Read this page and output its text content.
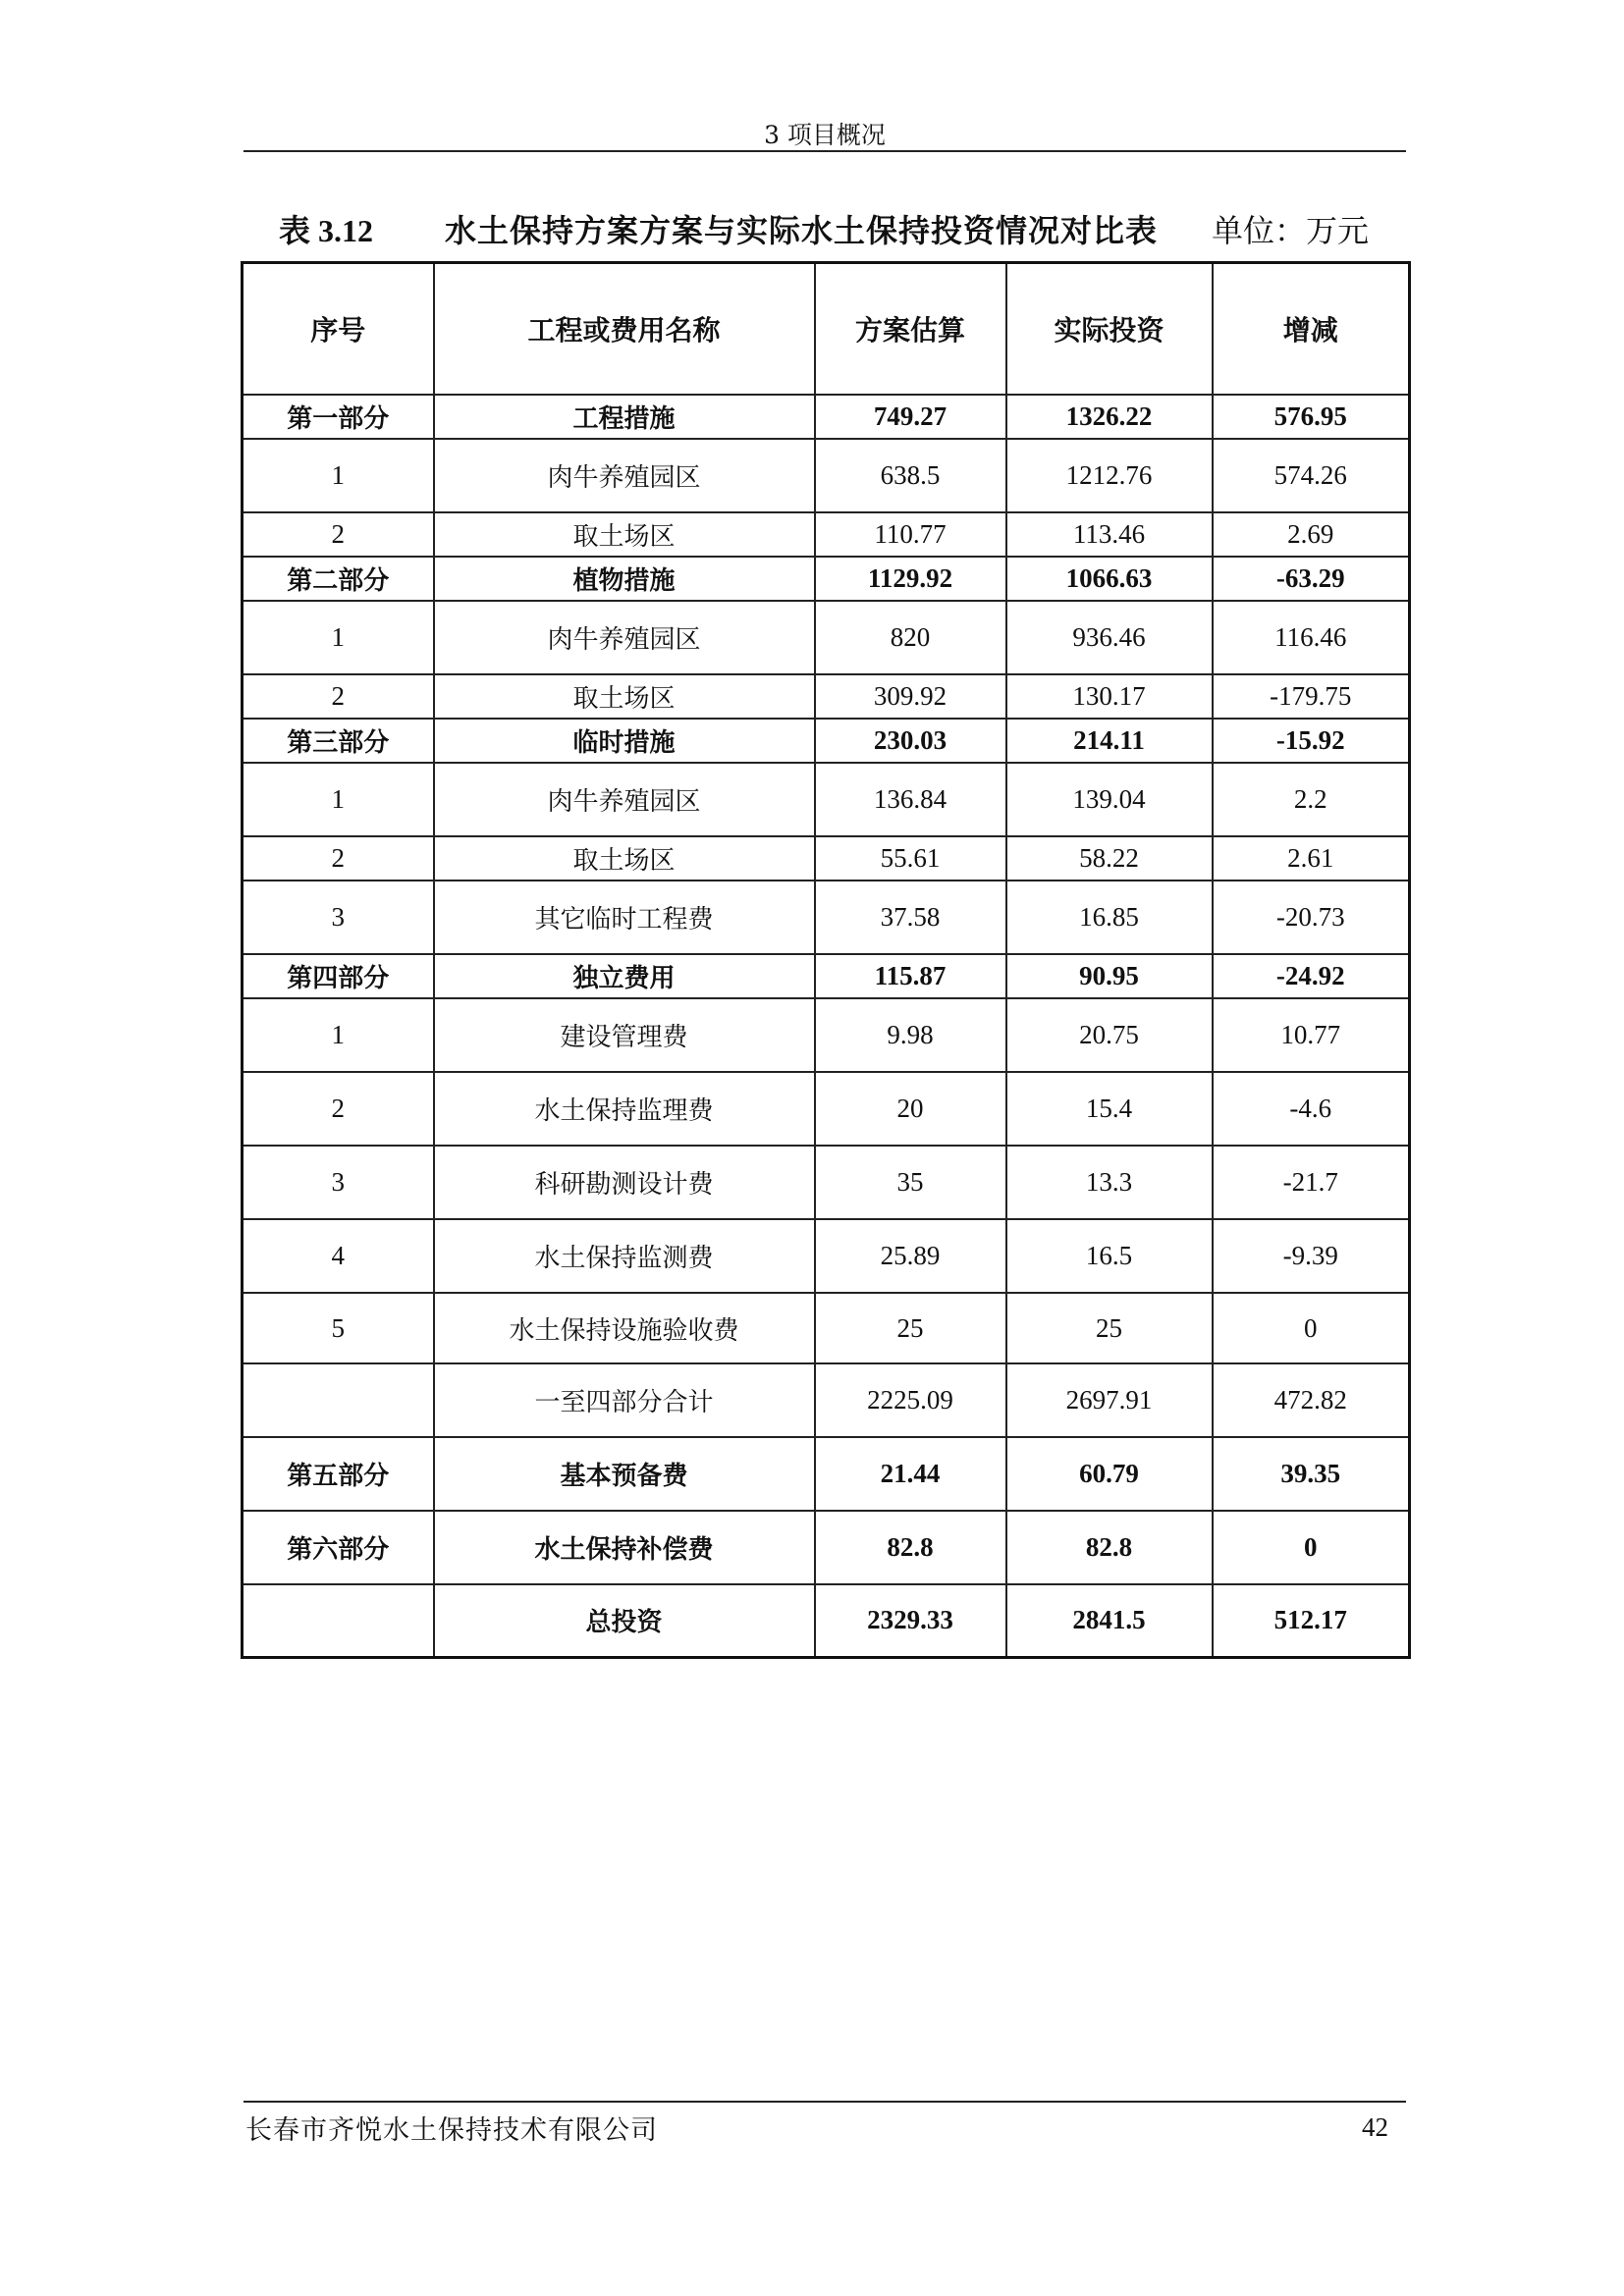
3 项目概况
表 3.12 水土保持方案方案与实际水土保持投资情况对比表 单位：万元
序号	工程或费用名称	方案估算	实际投资	增减
第一部分	工程措施	749.27	1326.22	576.95
1	肉牛养殖园区	638.5	1212.76	574.26
2	取土场区	110.77	113.46	2.69
第二部分	植物措施	1129.92	1066.63	-63.29
1	肉牛养殖园区	820	936.46	116.46
2	取土场区	309.92	130.17	-179.75
第三部分	临时措施	230.03	214.11	-15.92
1	肉牛养殖园区	136.84	139.04	2.2
2	取土场区	55.61	58.22	2.61
3	其它临时工程费	37.58	16.85	-20.73
第四部分	独立费用	115.87	90.95	-24.92
1	建设管理费	9.98	20.75	10.77
2	水土保持监理费	20	15.4	-4.6
3	科研勘测设计费	35	13.3	-21.7
4	水土保持监测费	25.89	16.5	-9.39
5	水土保持设施验收费	25	25	0
	一至四部分合计	2225.09	2697.91	472.82
第五部分	基本预备费	21.44	60.79	39.35
第六部分	水土保持补偿费	82.8	82.8	0
	总投资	2329.33	2841.5	512.17
长春市齐悦水土保持技术有限公司	42
